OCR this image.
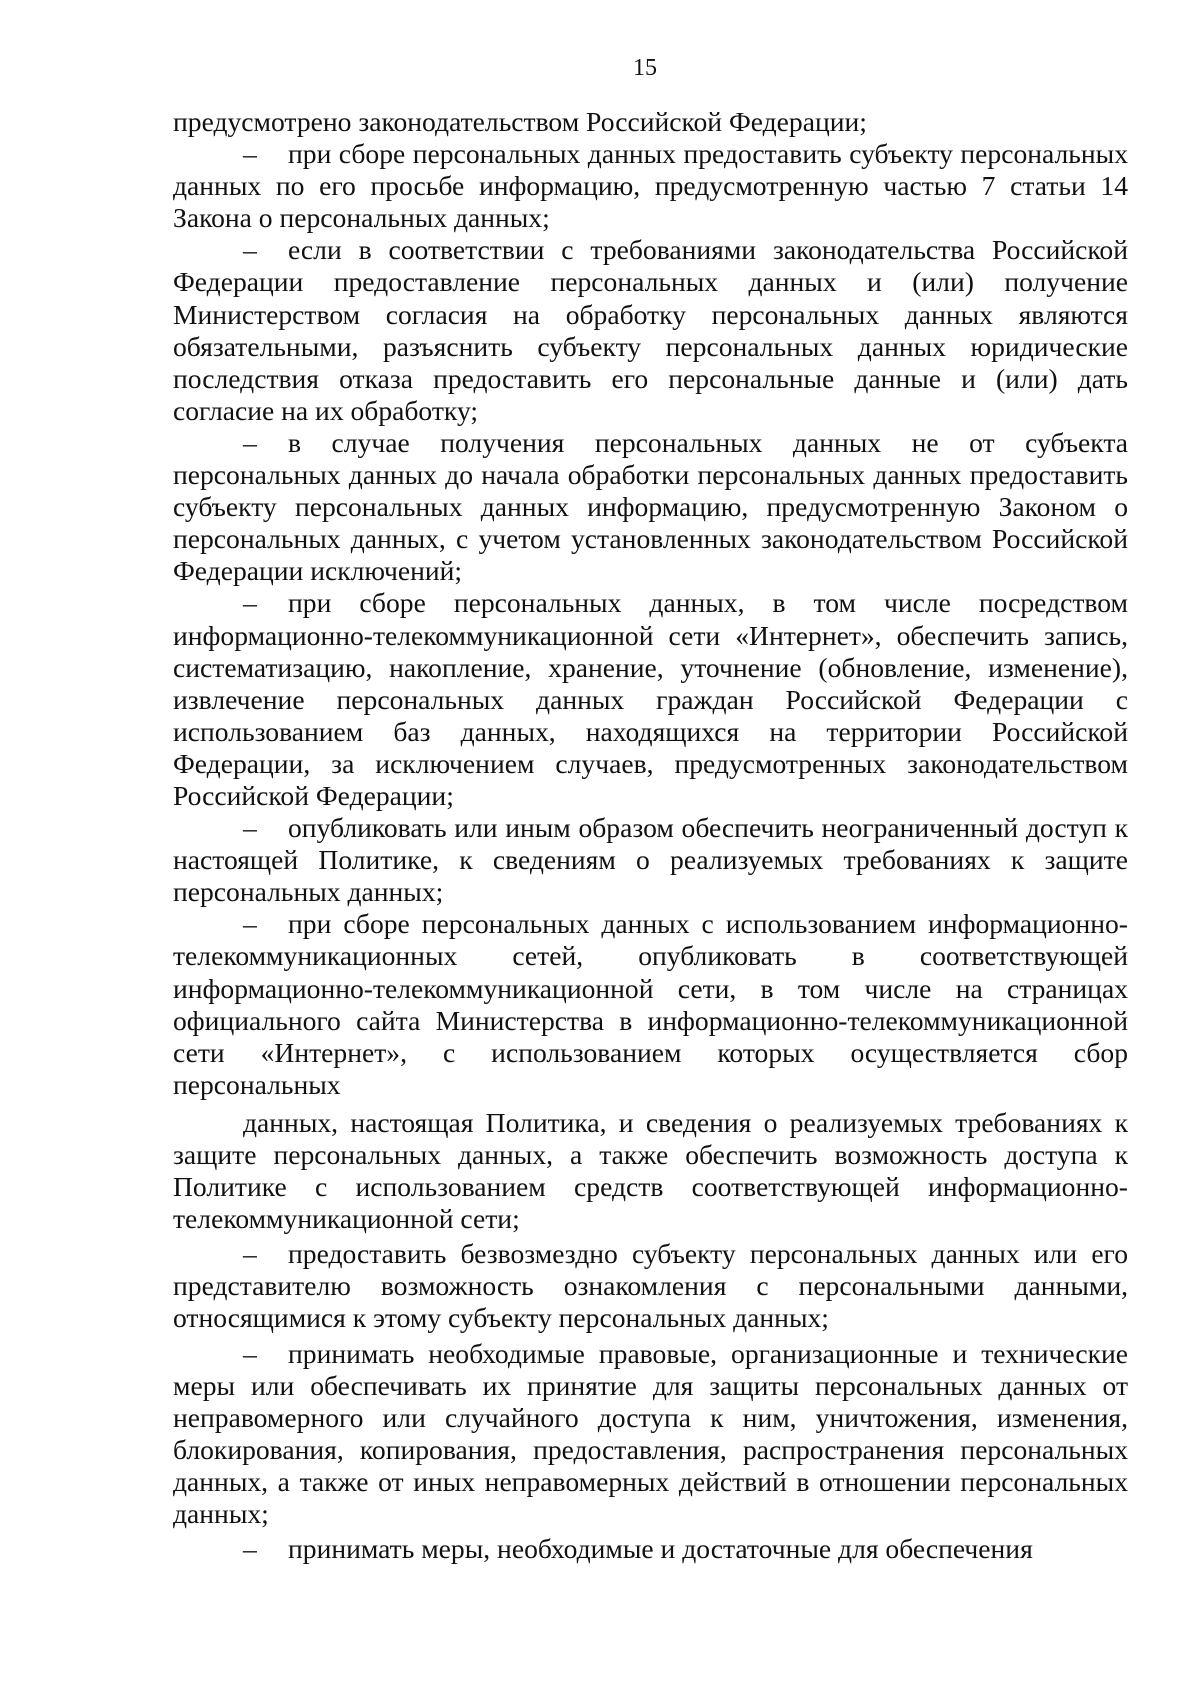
15

предусмотрено законодательством Российской Федерации;

– при сборе персональных данных предоставить субъекту персональных данных по его просьбе информацию, предусмотренную частью 7 статьи 14 Закона о персональных данных;

– если в соответствии с требованиями законодательства Российской Федерации предоставление персональных данных и (или) получение Министерством согласия на обработку персональных данных являются обязательными, разъяснить субъекту персональных данных юридические последствия отказа предоставить его персональные данные и (или) дать согласие на их обработку;

– в случае получения персональных данных не от субъекта персональных данных до начала обработки персональных данных предоставить субъекту персональных данных информацию, предусмотренную Законом о персональных данных, с учетом установленных законодательством Российской Федерации исключений;

– при сборе персональных данных, в том числе посредством информационно-телекоммуникационной сети «Интернет», обеспечить запись, систематизацию, накопление, хранение, уточнение (обновление, изменение), извлечение персональных данных граждан Российской Федерации с использованием баз данных, находящихся на территории Российской Федерации, за исключением случаев, предусмотренных законодательством Российской Федерации;

– опубликовать или иным образом обеспечить неограниченный доступ к настоящей Политике, к сведениям о реализуемых требованиях к защите персональных данных;

– при сборе персональных данных с использованием информационно-телекоммуникационных сетей, опубликовать в соответствующей информационно-телекоммуникационной сети, в том числе на страницах официального сайта Министерства в информационно-телекоммуникационной сети «Интернет», с использованием которых осуществляется сбор персональных

данных, настоящая Политика, и сведения о реализуемых требованиях к защите персональных данных, а также обеспечить возможность доступа к Политике с использованием средств соответствующей информационно-телекоммуникационной сети;

– предоставить безвозмездно субъекту персональных данных или его представителю возможность ознакомления с персональными данными, относящимися к этому субъекту персональных данных;

– принимать необходимые правовые, организационные и технические меры или обеспечивать их принятие для защиты персональных данных от неправомерного или случайного доступа к ним, уничтожения, изменения, блокирования, копирования, предоставления, распространения персональных данных, а также от иных неправомерных действий в отношении персональных данных;

– принимать меры, необходимые и достаточные для обеспечения
